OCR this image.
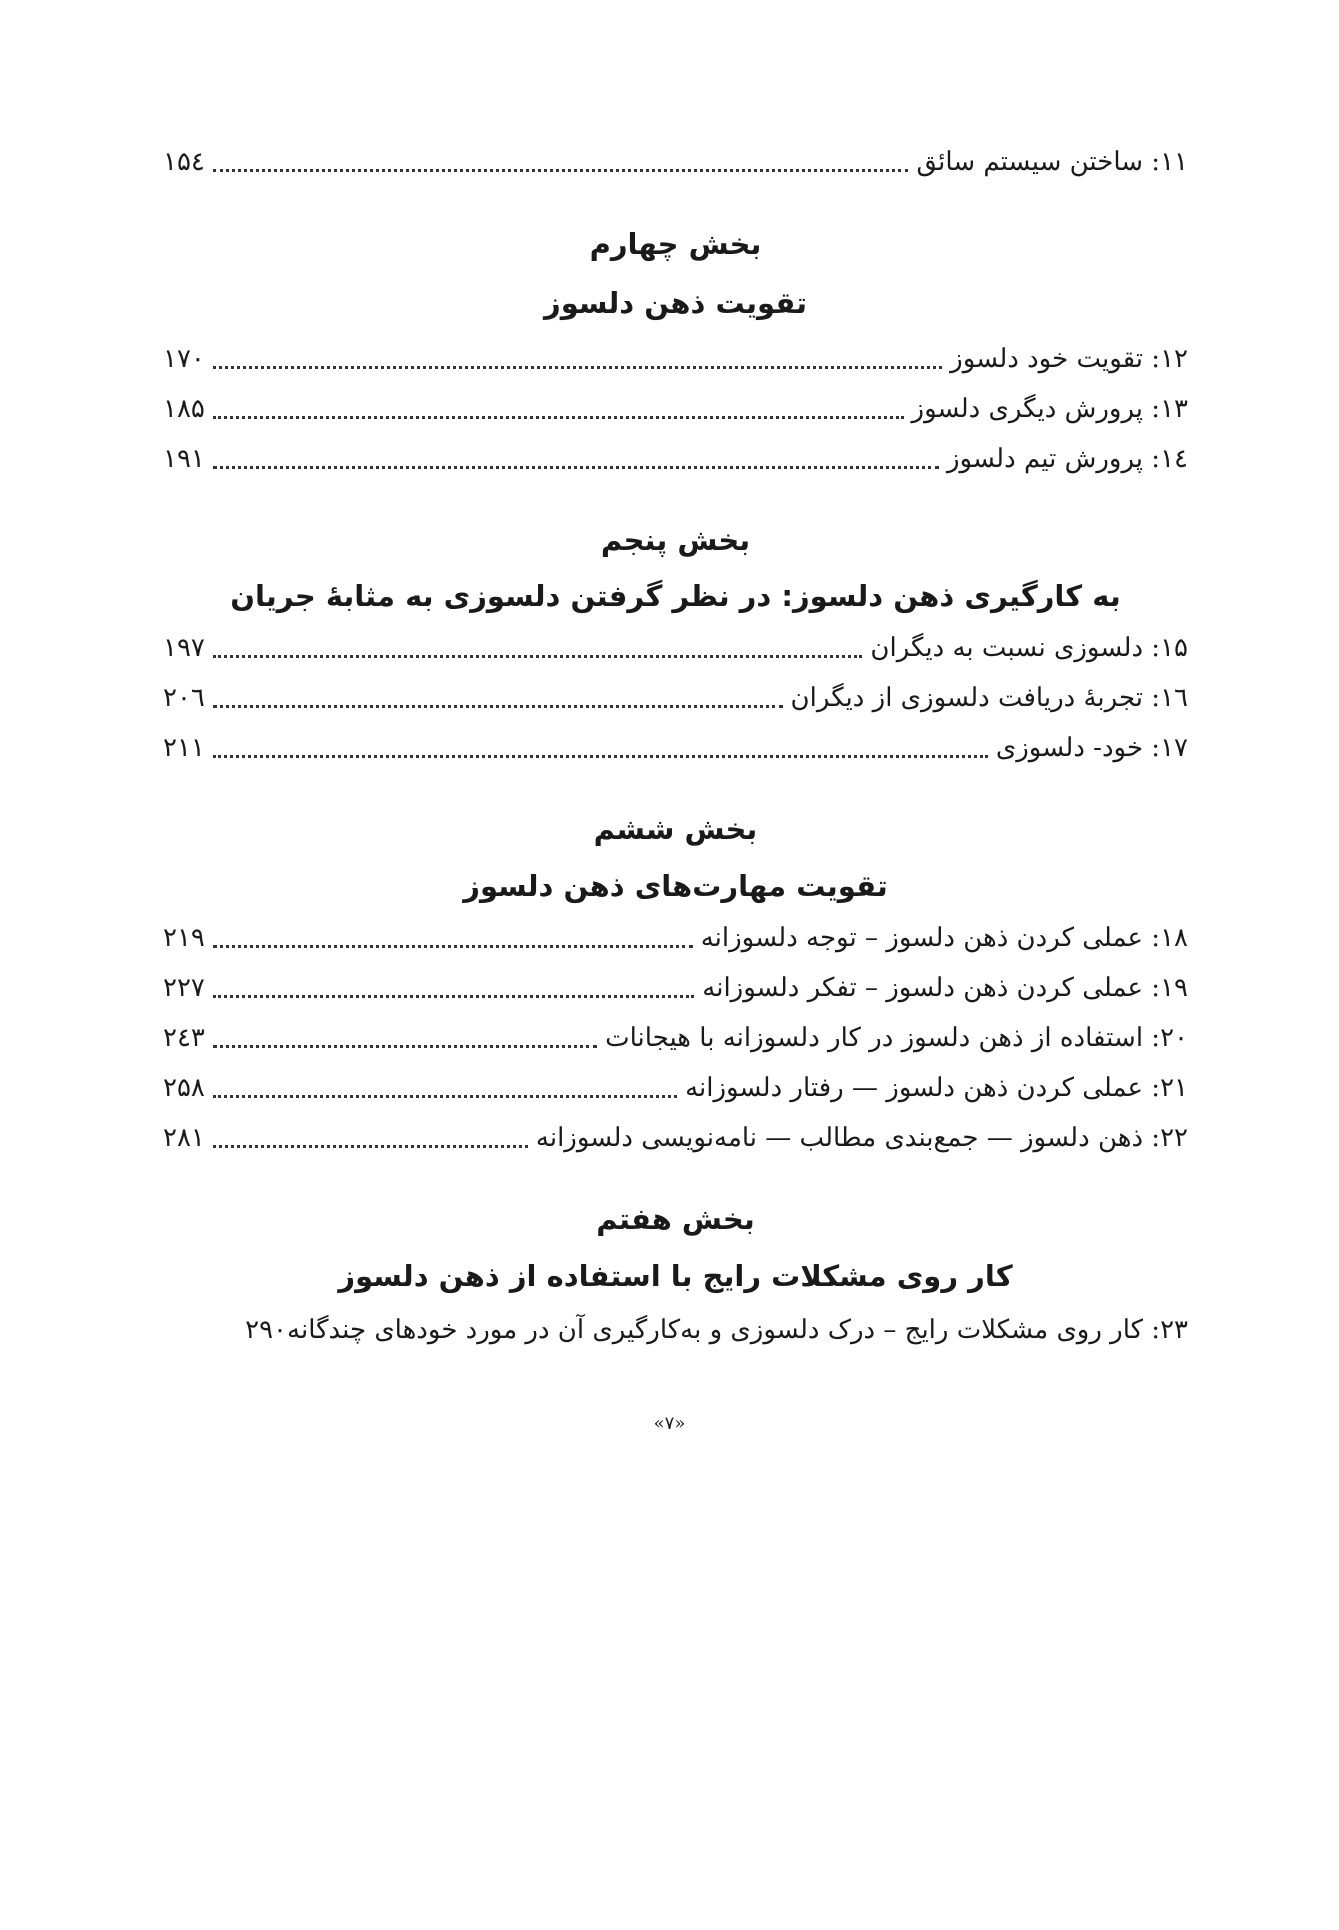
۱۱: ساختن سیستم سائق
۱۵٤
بخش چهارم
تقویت ذهن دلسوز
۱۲: تقویت خود دلسوز
۱۷۰
۱۳: پرورش دیگری دلسوز
۱۸۵
۱٤: پرورش تیم دلسوز
۱۹۱
بخش پنجم
به کارگیری ذهن دلسوز: در نظر گرفتن دلسوزی به مثابهٔ جریان
۱۵: دلسوزی نسبت به دیگران
۱۹۷
۱٦: تجربهٔ دریافت دلسوزی از دیگران
۲۰٦
۱۷: خود- دلسوزی
۲۱۱
بخش ششم
تقویت مهارت‌های ذهن دلسوز
۱۸: عملی کردن ذهن دلسوز – توجه دلسوزانه
۲۱۹
۱۹: عملی کردن ذهن دلسوز – تفکر دلسوزانه
۲۲۷
۲۰: استفاده از ذهن دلسوز در کار دلسوزانه با هیجانات
۲٤۳
۲۱: عملی کردن ذهن دلسوز — رفتار دلسوزانه
۲۵۸
۲۲: ذهن دلسوز — جمع‌بندی مطالب — نامه‌نویسی دلسوزانه
۲۸۱
بخش هفتم
کار روی مشکلات رایج با استفاده از ذهن دلسوز
۲۳: کار روی مشکلات رایج – درک دلسوزی و به‌کارگیری آن در مورد خودهای چندگانه
۲۹۰
«۷»
